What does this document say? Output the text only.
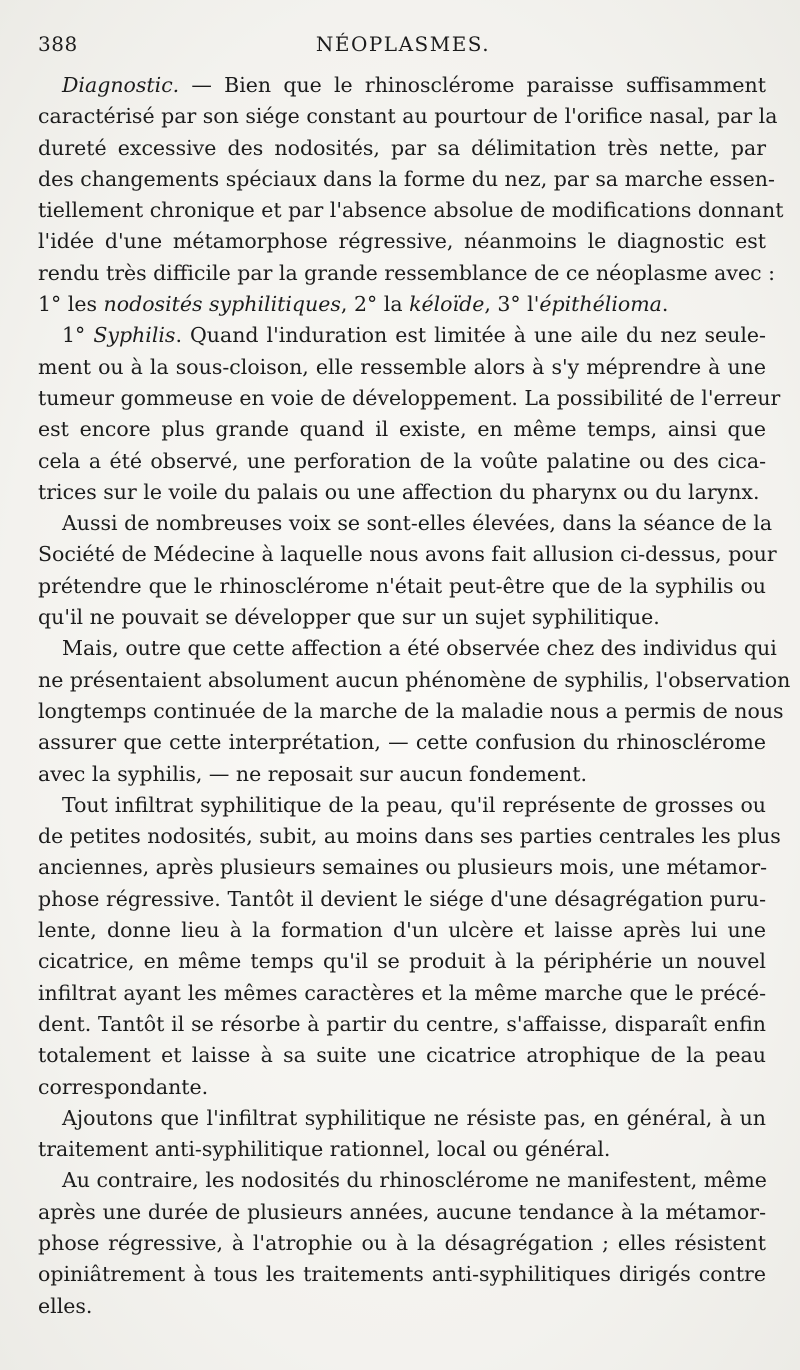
388	NÉOPLASMES.
Diagnostic. — Bien que le rhinosclérome paraisse suffisamment
caractérisé par son siége constant au pourtour de l'orifice nasal, par la
dureté excessive des nodosités, par sa délimitation très nette, par
des changements spéciaux dans la forme du nez, par sa marche essen-
tiellement chronique et par l'absence absolue de modifications donnant
l'idée d'une métamorphose régressive, néanmoins le diagnostic est
rendu très difficile par la grande ressemblance de ce néoplasme avec :
1° les nodosités syphilitiques, 2° la kéloïde, 3° l'épithélioma.
1° Syphilis. Quand l'induration est limitée à une aile du nez seule-
ment ou à la sous-cloison, elle ressemble alors à s'y méprendre à une
tumeur gommeuse en voie de développement. La possibilité de l'erreur
est encore plus grande quand il existe, en même temps, ainsi que
cela a été observé, une perforation de la voûte palatine ou des cica-
trices sur le voile du palais ou une affection du pharynx ou du larynx.
Aussi de nombreuses voix se sont-elles élevées, dans la séance de la
Société de Médecine à laquelle nous avons fait allusion ci-dessus, pour
prétendre que le rhinosclérome n'était peut-être que de la syphilis ou
qu'il ne pouvait se développer que sur un sujet syphilitique.
Mais, outre que cette affection a été observée chez des individus qui
ne présentaient absolument aucun phénomène de syphilis, l'observation
longtemps continuée de la marche de la maladie nous a permis de nous
assurer que cette interprétation, — cette confusion du rhinosclérome
avec la syphilis, — ne reposait sur aucun fondement.
Tout infiltrat syphilitique de la peau, qu'il représente de grosses ou
de petites nodosités, subit, au moins dans ses parties centrales les plus
anciennes, après plusieurs semaines ou plusieurs mois, une métamor-
phose régressive. Tantôt il devient le siége d'une désagrégation puru-
lente, donne lieu à la formation d'un ulcère et laisse après lui une
cicatrice, en même temps qu'il se produit à la périphérie un nouvel
infiltrat ayant les mêmes caractères et la même marche que le précé-
dent. Tantôt il se résorbe à partir du centre, s'affaisse, disparaît enfin
totalement et laisse à sa suite une cicatrice atrophique de la peau
correspondante.
Ajoutons que l'infiltrat syphilitique ne résiste pas, en général, à un
traitement anti-syphilitique rationnel, local ou général.
Au contraire, les nodosités du rhinosclérome ne manifestent, même
après une durée de plusieurs années, aucune tendance à la métamor-
phose régressive, à l'atrophie ou à la désagrégation ; elles résistent
opiniâtrement à tous les traitements anti-syphilitiques dirigés contre
elles.
